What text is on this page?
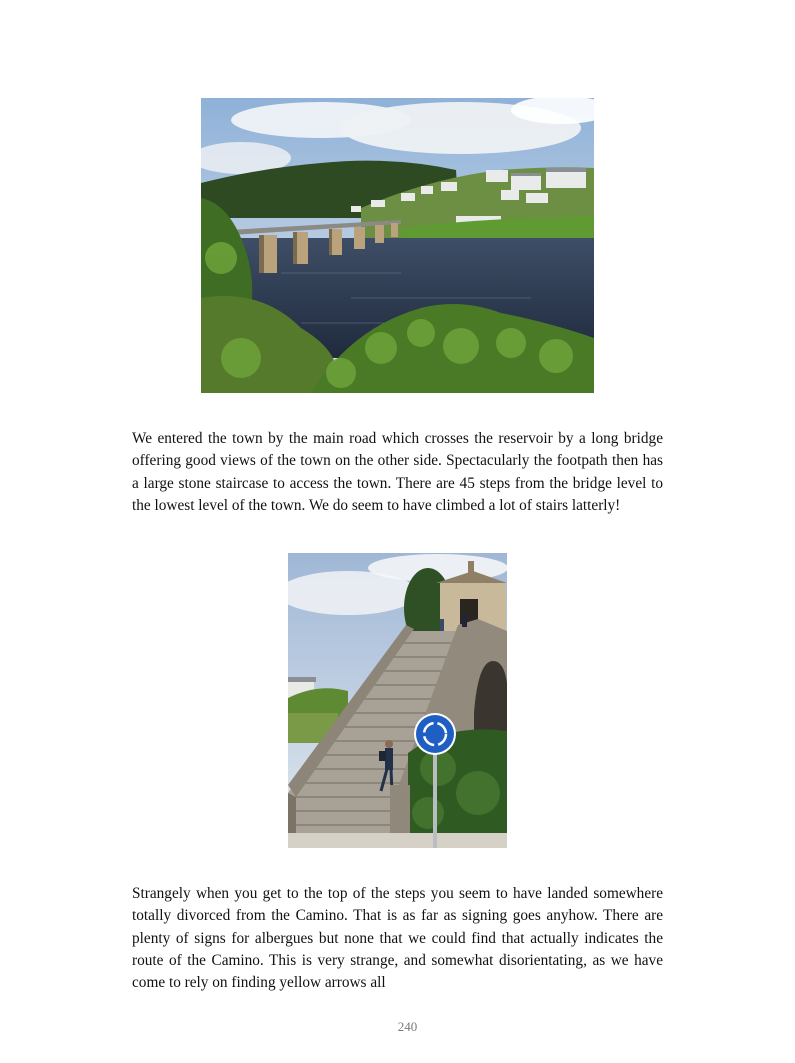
We entered the town by the main road which crosses the reservoir by a long bridge offering good views of the town on the other side. Spectacularly the footpath then has a large stone staircase to access the town. There are 45 steps from the bridge level to the lowest level of the town. We do seem to have climbed a lot of stairs latterly!

Strangely when you get to the top of the steps you seem to have landed somewhere totally divorced from the Camino. That is as far as signing goes anyhow. There are plenty of signs for albergues but none that we could find that actually indicates the route of the Camino. This is very strange, and somewhat disorientating, as we have come to rely on finding yellow arrows all

240
